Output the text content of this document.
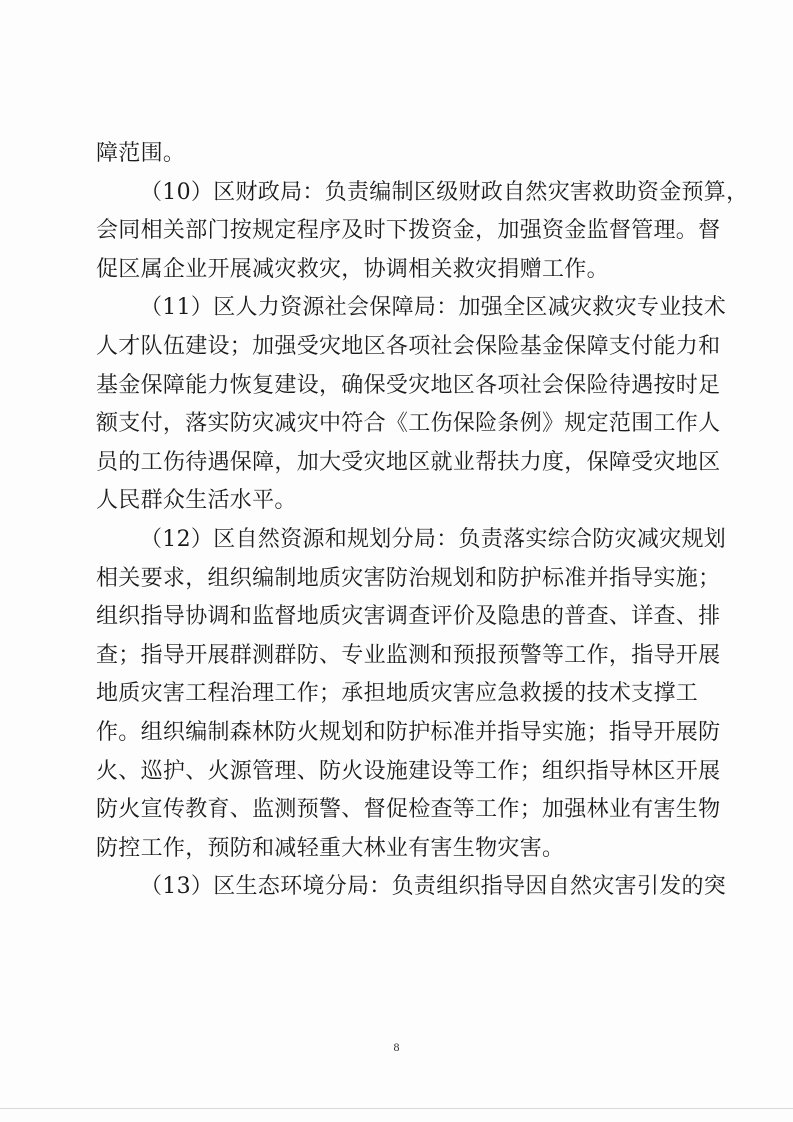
障范围。
（10）区财政局：负责编制区级财政自然灾害救助资金预算，
会同相关部门按规定程序及时下拨资金，加强资金监督管理。督
促区属企业开展减灾救灾，协调相关救灾捐赠工作。
（11）区人力资源社会保障局：加强全区减灾救灾专业技术
人才队伍建设；加强受灾地区各项社会保险基金保障支付能力和
基金保障能力恢复建设，确保受灾地区各项社会保险待遇按时足
额支付，落实防灾减灾中符合《工伤保险条例》规定范围工作人
员的工伤待遇保障，加大受灾地区就业帮扶力度，保障受灾地区
人民群众生活水平。
（12）区自然资源和规划分局：负责落实综合防灾减灾规划
相关要求，组织编制地质灾害防治规划和防护标准并指导实施；
组织指导协调和监督地质灾害调查评价及隐患的普查、详查、排
查；指导开展群测群防、专业监测和预报预警等工作，指导开展
地质灾害工程治理工作；承担地质灾害应急救援的技术支撑工
作。组织编制森林防火规划和防护标准并指导实施；指导开展防
火、巡护、火源管理、防火设施建设等工作；组织指导林区开展
防火宣传教育、监测预警、督促检查等工作；加强林业有害生物
防控工作，预防和减轻重大林业有害生物灾害。
（13）区生态环境分局：负责组织指导因自然灾害引发的突
8
